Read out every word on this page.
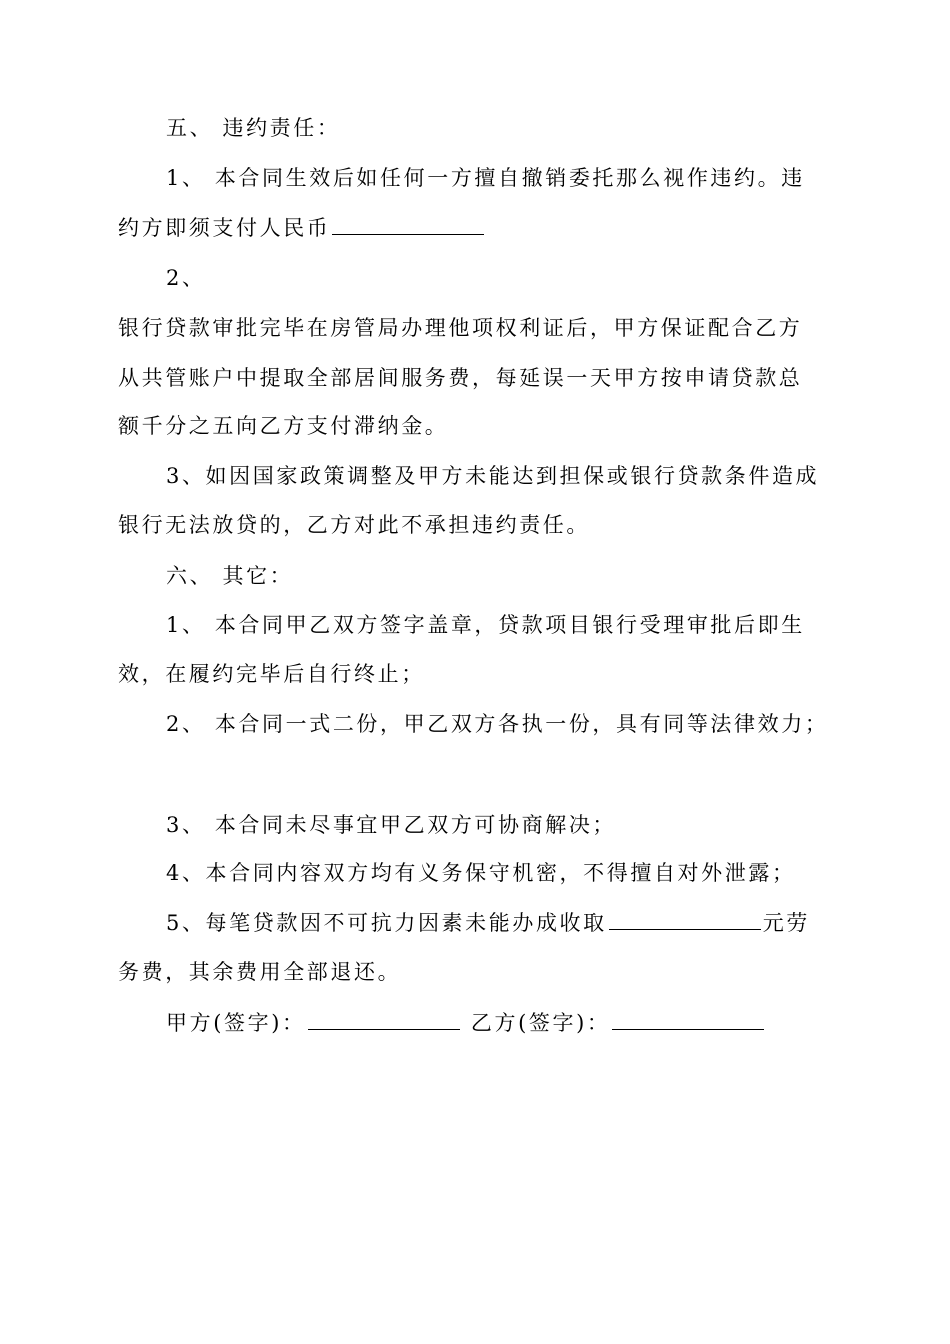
五、 违约责任：
1、 本合同生效后如任何一方擅自撤销委托那么视作违约。违
约方即须支付人民币
2、
银行贷款审批完毕在房管局办理他项权利证后，甲方保证配合乙方
从共管账户中提取全部居间服务费，每延误一天甲方按申请贷款总
额千分之五向乙方支付滞纳金。
3、如因国家政策调整及甲方未能达到担保或银行贷款条件造成
银行无法放贷的，乙方对此不承担违约责任。
六、 其它：
1、 本合同甲乙双方签字盖章，贷款项目银行受理审批后即生
效，在履约完毕后自行终止；
2、 本合同一式二份，甲乙双方各执一份，具有同等法律效力；
3、 本合同未尽事宜甲乙双方可协商解决；
4、本合同内容双方均有义务保守机密，不得擅自对外泄露；
5、每笔贷款因不可抗力因素未能办成收取	元劳
务费，其余费用全部退还。
甲方(签字)：	乙方(签字)：
